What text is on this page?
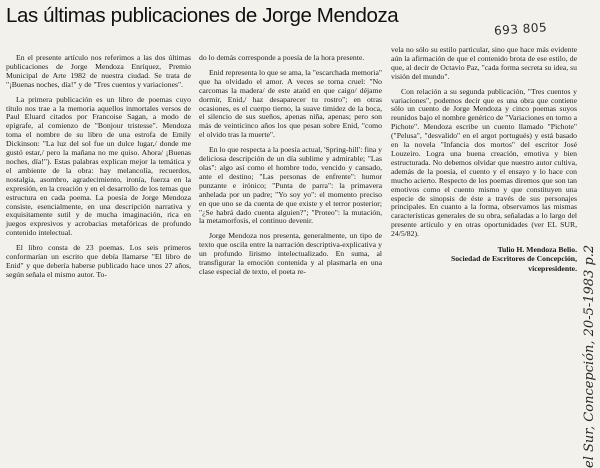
Las últimas publicaciones de Jorge Mendoza
693 805

En el presente artículo nos referimos a las dos últimas publicaciones de Jorge Mendoza Enríquez, Premio Municipal de Arte 1982 de nuestra ciudad. Se trata de "¡Buenas noches, día!" y de "Tres cuentos y variaciones".

La primera publicación es un libro de poemas cuyo título nos trae a la memoria aquellos inmortales versos de Paul Eluard citados por Francoise Sagan, a modo de epígrafe, al comienzo de "Bonjour tristesse". Mendoza toma el nombre de su libro de una estrofa de Emily Dickinson: "La luz del sol fue un dulce lugar,/ donde me gustó estar,/ pero la mañana no me quiso. Ahora/ ¡Buenas noches, día!"). Estas palabras explican mejor la temática y el ambiente de la obra: hay melancolía, recuerdos, nostalgia, asombro, agradecimiento, ironía, fuerza en la expresión, en la creación y en el desarrollo de los temas que estructura en cada poema. La poesía de Jorge Mendoza consiste, esencialmente, en una descripción narrativa y exquisitamente sutil y de mucha imaginación, rica en juegos expresivos y acrobacias metafóricas de profundo contenido intelectual.

El libro consta de 23 poemas. Los seis primeros conformarían un escrito que debía llamarse "El libro de Enid" y que debería haberse publicado hace unos 27 años, según señala el mismo autor. To-

do lo demás corresponde a poesía de la hora presente.

Enid representa lo que se ama, la "escarchada memoria" que ha olvidado el amor. A veces se torna cruel: "No carcomas la madera/ de este ataúd en que caigo/ déjame dormir, Enid,/ haz desaparecer tu rostro"; en otras ocasiones, es el cuerpo tierno, la suave timidez de la boca, el silencio de sus sueños, apenas niña, apenas; pero son más de veinticinco años los que pesan sobre Enid, "como el olvido tras la muerte".

En lo que respecta a la poesía actual, 'Spring-hill': fina y deliciosa descripción de un día sublime y admirable; "Las olas": algo así como el hombre todo, vencido y cansado, ante el destino; "Las personas de enfrente": humor punzante e irónico; "Punta de parra": la primavera anhelada por un padre; "Yo soy yo": el momento preciso en que uno se da cuenta de que existe y el terror posterior; "¿Se habrá dado cuenta alguien?"; "Proteo": la mutación, la metamorfosis, el continuo devenir.

Jorge Mendoza nos presenta, generalmente, un tipo de texto que oscila entre la narración descriptiva-explicativa y un profundo lirismo intelectualizado. En suma, al transfigurar la emoción contenida y al plasmarla en una clase especial de texto, el poeta re-

vela no sólo su estilo particular, sino que hace más evidente aún la afirmación de que el contenido brota de ese estilo, de que, al decir de Octavio Paz, "cada forma secreta su idea, su visión del mundo".

Con relación a su segunda publicación, "Tres cuentos y variaciones", podemos decir que es una obra que contiene sólo un cuento de Jorge Mendoza y cinco poemas suyos reunidos bajo el nombre genérico de "Variaciones en torno a Pichote". Mendoza escribe un cuento llamado "Pichote" ("Pelusa", "desvalido" en el argot portugués) y está basado en la novela "Infancia dos mortos" del escritor José Louzeiro. Logra una buena creación, emotiva y bien estructurada. No debemos olvidar que nuestro autor cultiva, además de la poesía, el cuento y el ensayo y lo hace con mucho acierto. Respecto de los poemas diremos que son tan emotivos como el cuento mismo y que constituyen una especie de sinopsis de éste a través de sus personajes principales. En cuanto a la forma, observamos las mismas características generales de su obra, señaladas a lo largo del presente artículo y en otras oportunidades (ver EL SUR, 24/5/82).

Tulio H. Mendoza Belio.
Sociedad de Escritores de Concepción,
vicepresidente. el Sur, Concepción, 20-5-1983 p.2
